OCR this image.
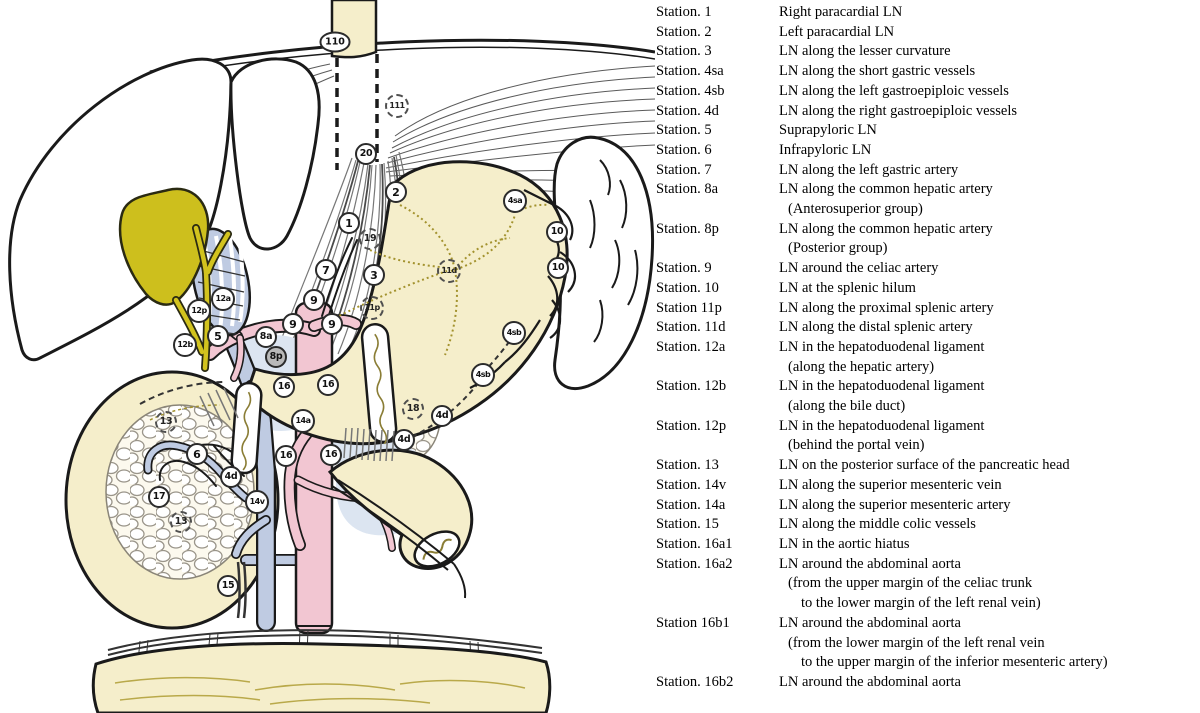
110
111
20
2
1
19
7	3
9
11p
9	9
12a
12p
12b
5	8a
8p
16	16
4sa
10
10
11d
4sb
4sb
18
4d
4d
13
6
4d
17
13
14v
14a
16	16
15
Station. 1	Right paracardial LN
Station. 2	Left paracardial LN
Station. 3	LN along the lesser curvature
Station. 4sa	LN along the short gastric vessels
Station. 4sb	LN along the left gastroepiploic vessels
Station. 4d	LN along the right gastroepiploic vessels
Station. 5	Suprapyloric LN
Station. 6	Infrapyloric LN
Station. 7	LN along the left gastric artery
Station. 8a	LN along the common hepatic artery
(Anterosuperior group)
Station. 8p	LN along the common hepatic artery
(Posterior group)
Station. 9	LN around the celiac artery
Station. 10	LN at the splenic hilum
Station 11p	LN along the proximal splenic artery
Station. 11d	LN along the distal splenic artery
Station. 12a	LN in the hepatoduodenal ligament
(along the hepatic artery)
Station. 12b	LN in the hepatoduodenal ligament
(along the bile duct)
Station. 12p	LN in the hepatoduodenal ligament
(behind the portal vein)
Station. 13	LN on the posterior surface of the pancreatic head
Station. 14v	LN along the superior mesenteric vein
Station. 14a	LN along the superior mesenteric artery
Station. 15	LN along the middle colic vessels
Station. 16a1	LN in the aortic hiatus
Station. 16a2	LN around the abdominal aorta
(from the upper margin of the celiac trunk
to the lower margin of the left renal vein)
Station 16b1	LN around the abdominal aorta
(from the lower margin of the left renal vein
to the upper margin of the inferior mesenteric artery)
Station. 16b2	LN around the abdominal aorta
